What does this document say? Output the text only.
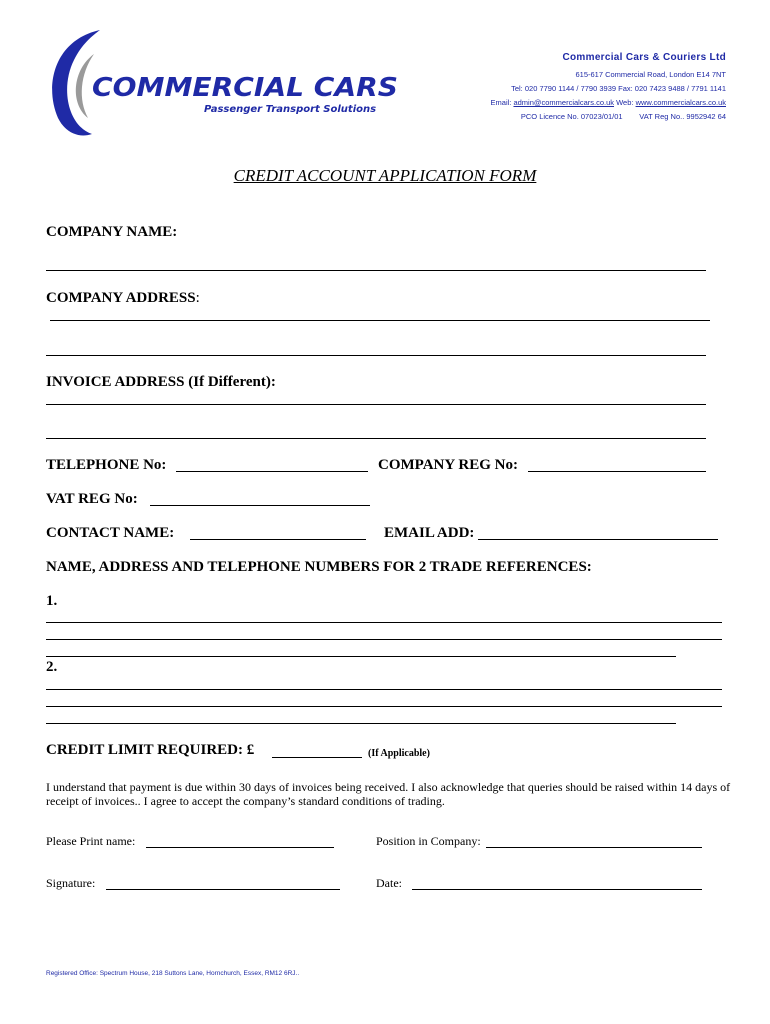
COMMERCIAL CARS
Passenger Transport Solutions
Commercial Cars & Couriers Ltd
615-617 Commercial Road, London E14 7NT
Tel: 020 7790 1144 / 7790 3939 Fax: 020 7423 9488 / 7791 1141
Email: admin@commercialcars.co.uk Web: www.commercialcars.co.uk
PCO Licence No. 07023/01/01 VAT Reg No.. 9952942 64
CREDIT ACCOUNT APPLICATION FORM
COMPANY NAME:
COMPANY ADDRESS:
INVOICE ADDRESS (If Different):
TELEPHONE No:	COMPANY REG No:
VAT REG No:
CONTACT NAME:	EMAIL ADD:
NAME, ADDRESS AND TELEPHONE NUMBERS FOR 2 TRADE REFERENCES:
1.
2.
CREDIT LIMIT REQUIRED: £	(If Applicable)
I understand that payment is due within 30 days of invoices being received. I also acknowledge that queries should be raised within 14 days of receipt of invoices.. I agree to accept the company’s standard conditions of trading.
Please Print name:	Position in Company:
Signature:	Date:
Registered Office: Spectrum House, 218 Suttons Lane, Hornchurch, Essex, RM12 6RJ..
